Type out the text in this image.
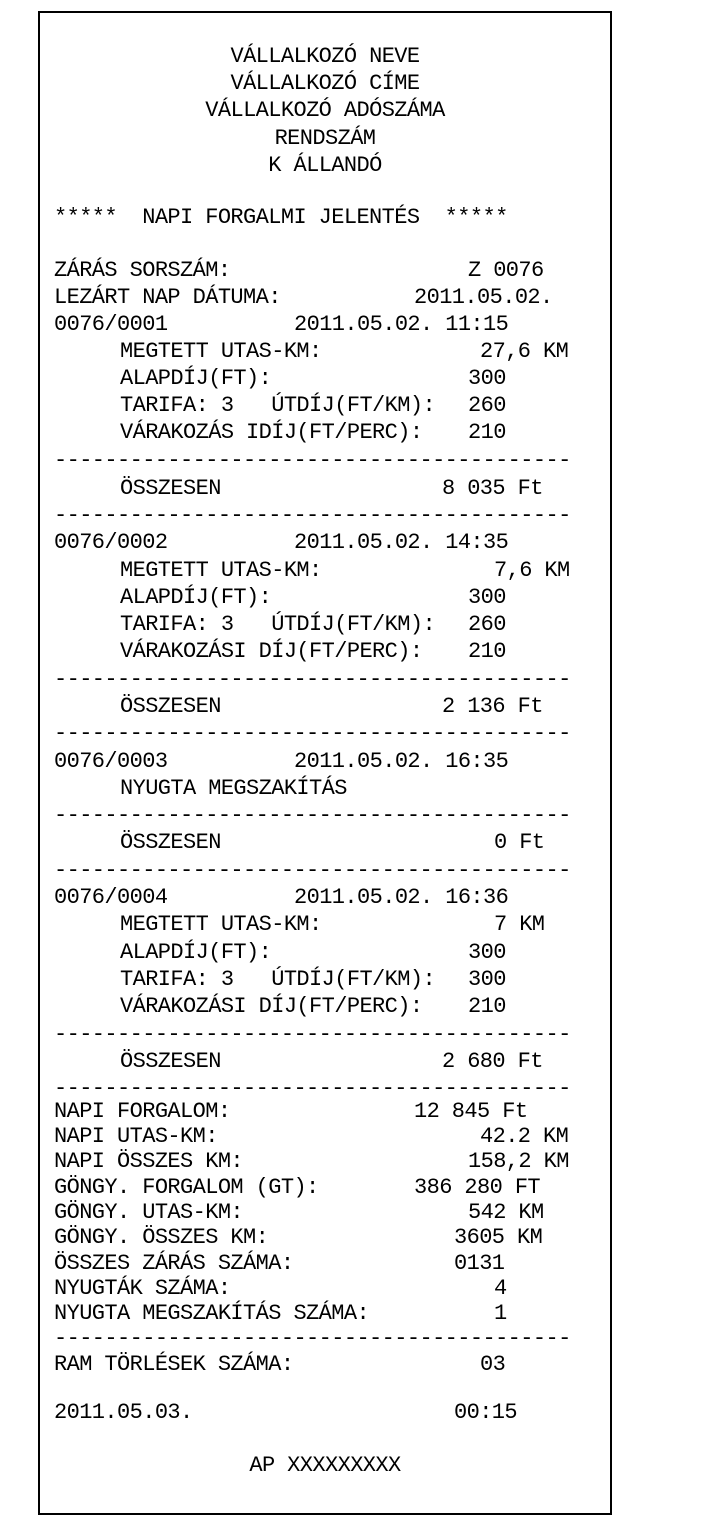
VÁLLALKOZÓ NEVE
VÁLLALKOZÓ CÍME
VÁLLALKOZÓ ADÓSZÁMA
RENDSZÁM
K ÁLLANDÓ
*****  NAPI FORGALMI JELENTÉS  *****
ZÁRÁS SORSZÁM:	Z 0076
LEZÁRT NAP DÁTUMA:	2011.05.02.
0076/0001	2011.05.02. 11:15
MEGTETT UTAS-KM:	27,6 KM
ALAPDÍJ(FT):	300
TARIFA: 3   ÚTDÍJ(FT/KM): 260
VÁRAKOZÁS IDÍJ(FT/PERC): 210
-----------------------------------------
ÖSSZESEN	8 035 Ft
-----------------------------------------
0076/0002	2011.05.02. 14:35
MEGTETT UTAS-KM:	7,6 KM
ALAPDÍJ(FT):	300
TARIFA: 3   ÚTDÍJ(FT/KM): 260
VÁRAKOZÁSI DÍJ(FT/PERC): 210
-----------------------------------------
ÖSSZESEN	2 136 Ft
-----------------------------------------
0076/0003	2011.05.02. 16:35
NYUGTA MEGSZAKÍTÁS
-----------------------------------------
ÖSSZESEN	0 Ft
-----------------------------------------
0076/0004	2011.05.02. 16:36
MEGTETT UTAS-KM:	7 KM
ALAPDÍJ(FT):	300
TARIFA: 3   ÚTDÍJ(FT/KM): 300
VÁRAKOZÁSI DÍJ(FT/PERC): 210
-----------------------------------------
ÖSSZESEN	2 680 Ft
-----------------------------------------
NAPI FORGALOM:	12 845 Ft
NAPI UTAS-KM:	42.2 KM
NAPI ÖSSZES KM:	158,2 KM
GÖNGY. FORGALOM (GT):	386 280 FT
GÖNGY. UTAS-KM:	542 KM
GÖNGY. ÖSSZES KM:	3605 KM
ÖSSZES ZÁRÁS SZÁMA:	0131
NYUGTÁK SZÁMA:	4
NYUGTA MEGSZAKÍTÁS SZÁMA:	1
-----------------------------------------
RAM TÖRLÉSEK SZÁMA:	03
2011.05.03.	00:15
AP XXXXXXXXX
